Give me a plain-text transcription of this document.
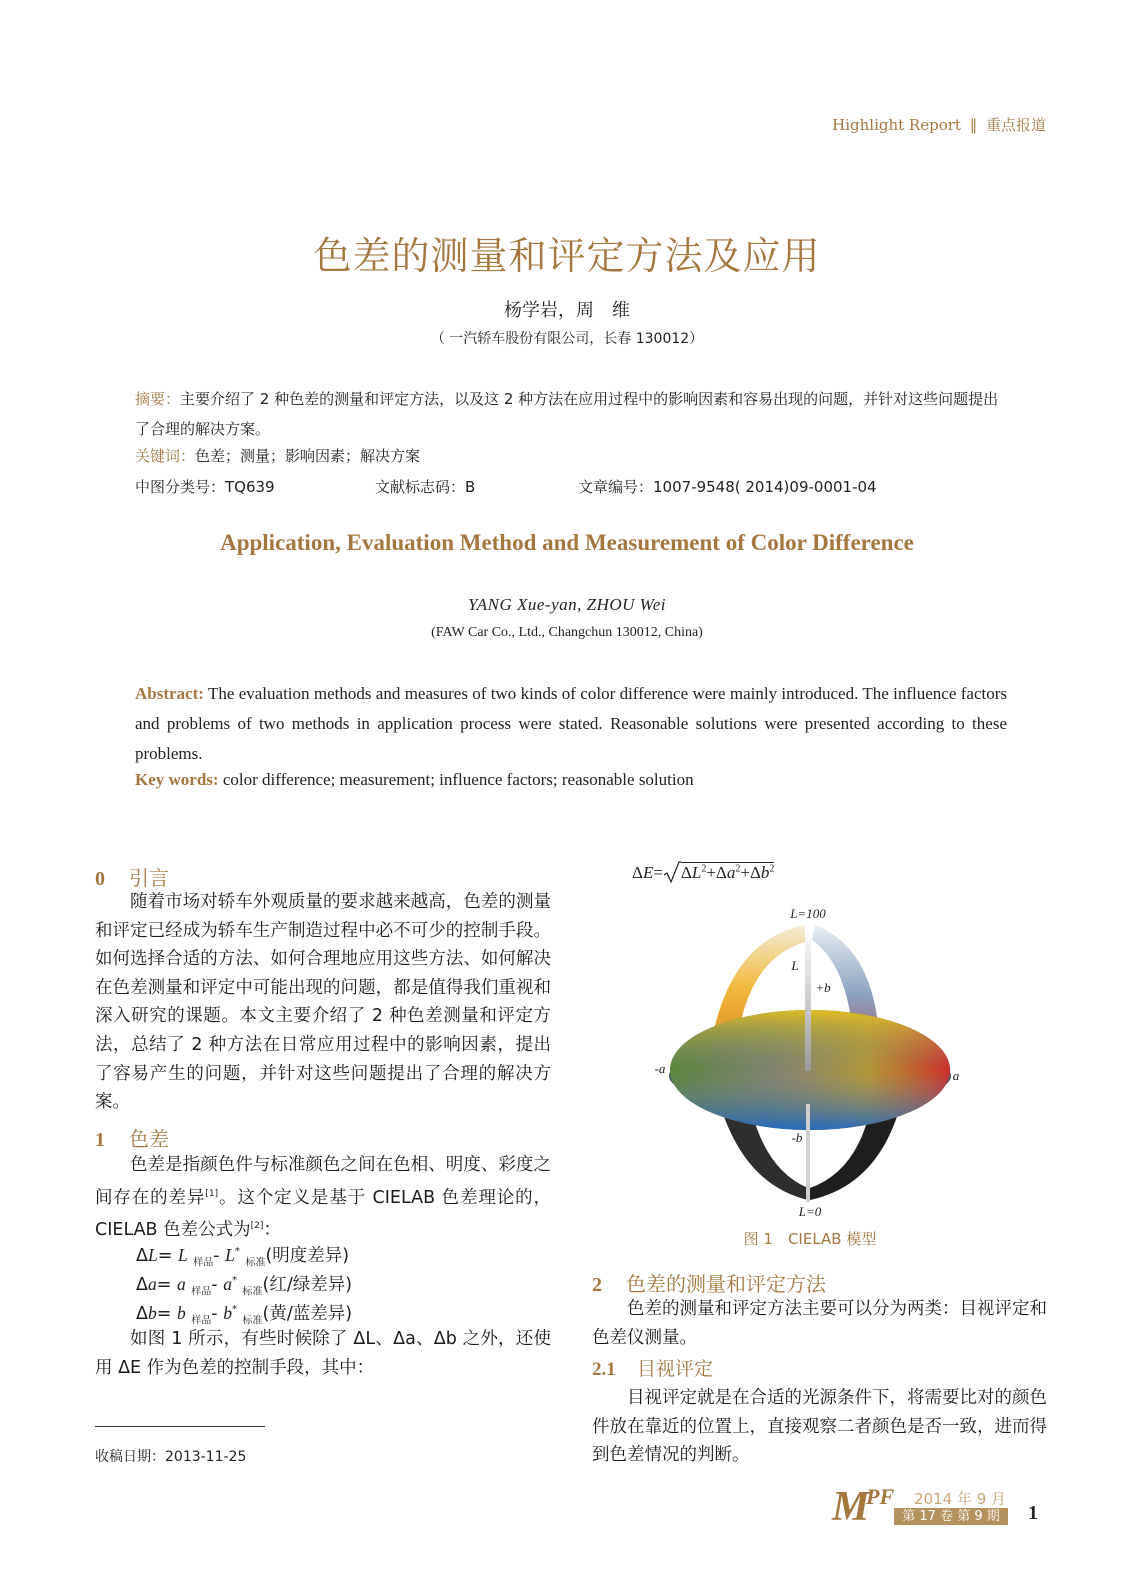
Highlight Report ‖ 重点报道
色差的测量和评定方法及应用
杨学岩，周　维
（ 一汽轿车股份有限公司，长春 130012）
摘要：主要介绍了 2 种色差的测量和评定方法，以及这 2 种方法在应用过程中的影响因素和容易出现的问题，并针对这些问题提出了合理的解决方案。
关键词：色差；测量；影响因素；解决方案
中图分类号：TQ639	文献标志码：B	文章编号：1007-9548( 2014)09-0001-04
Application, Evaluation Method and Measurement of Color Difference
YANG Xue-yan, ZHOU Wei
(FAW Car Co., Ltd., Changchun 130012, China)
Abstract: The evaluation methods and measures of two kinds of color difference were mainly introduced. The influence factors and problems of two methods in application process were stated. Reasonable solutions were presented according to these problems.
Key words: color difference; measurement; influence factors; reasonable solution
0 引言
随着市场对轿车外观质量的要求越来越高，色差的测量和评定已经成为轿车生产制造过程中必不可少的控制手段。如何选择合适的方法、如何合理地应用这些方法、如何解决在色差测量和评定中可能出现的问题，都是值得我们重视和深入研究的课题。本文主要介绍了 2 种色差测量和评定方法，总结了 2 种方法在日常应用过程中的影响因素，提出了容易产生的问题，并针对这些问题提出了合理的解决方案。
1 色差
色差是指颜色件与标准颜色之间在色相、明度、彩度之间存在的差异[1]。这个定义是基于 CIELAB 色差理论的，CIELAB 色差公式为[2]：
ΔL= L $_{样品}$- L* $_{标准}$(明度差异)
Δa= a $_{样品}$- a* $_{标准}$(红/绿差异)
Δb= b $_{样品}$- b* $_{标准}$(黄/蓝差异)
如图 1 所示，有些时候除了 ΔL、Δa、Δb 之外，还使用 ΔE 作为色差的控制手段，其中：
收稿日期：2013-11-25
$\Delta E= \Delta L^2+\Delta a^2+\Delta b^2$
L=100
L
+b
-a	a
-b
L=0
图 1　CIELAB 模型
2 色差的测量和评定方法
色差的测量和评定方法主要可以分为两类：目视评定和色差仪测量。
2.1 目视评定
目视评定就是在合适的光源条件下，将需要比对的颜色件放在靠近的位置上，直接观察二者颜色是否一致，进而得到色差情况的判断。
M
PF 2014 年 9 月
第 17 卷 第 9 期	1
